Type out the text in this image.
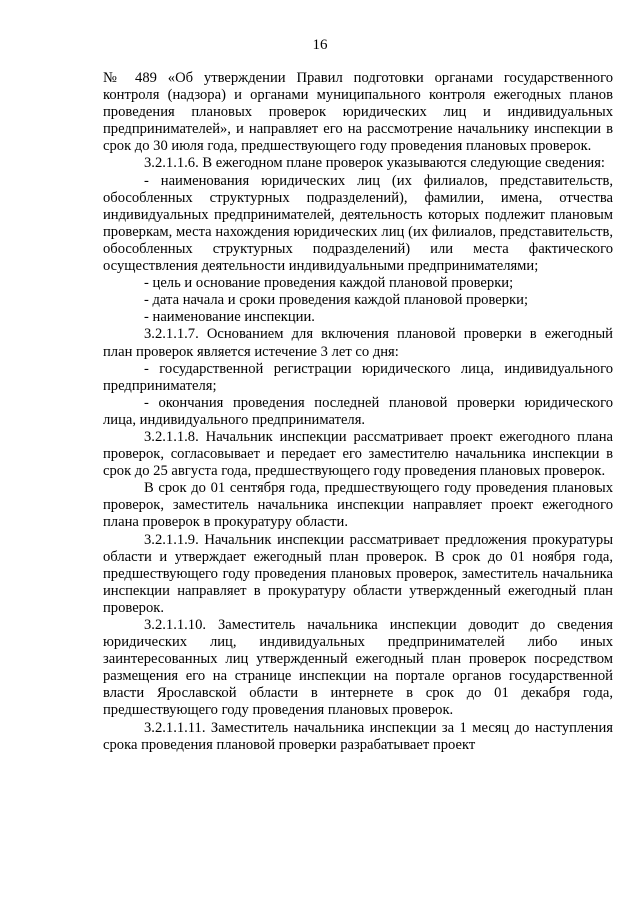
16

№ 489 «Об утверждении Правил подготовки органами государственного контроля (надзора) и органами муниципального контроля ежегодных планов проведения плановых проверок юридических лиц и индивидуальных предпринимателей», и направляет его на рассмотрение начальнику инспекции в срок до 30 июля года, предшествующего году проведения плановых проверок.

3.2.1.1.6. В ежегодном плане проверок указываются следующие сведения:

- наименования юридических лиц (их филиалов, представительств, обособленных структурных подразделений), фамилии, имена, отчества индивидуальных предпринимателей, деятельность которых подлежит плановым проверкам, места нахождения юридических лиц (их филиалов, представительств, обособленных структурных подразделений) или места фактического осуществления деятельности индивидуальными предпринимателями;

- цель и основание проведения каждой плановой проверки;

- дата начала и сроки проведения каждой плановой проверки;

- наименование инспекции.

3.2.1.1.7. Основанием для включения плановой проверки в ежегодный план проверок является истечение 3 лет со дня:

- государственной регистрации юридического лица, индивидуального предпринимателя;

- окончания проведения последней плановой проверки юридического лица, индивидуального предпринимателя.

3.2.1.1.8. Начальник инспекции рассматривает проект ежегодного плана проверок, согласовывает и передает его заместителю начальника инспекции в срок до 25 августа года, предшествующего году проведения плановых проверок.

В срок до 01 сентября года, предшествующего году проведения плановых проверок, заместитель начальника инспекции направляет проект ежегодного плана проверок в прокуратуру области.

3.2.1.1.9. Начальник инспекции рассматривает предложения прокуратуры области и утверждает ежегодный план проверок. В срок до 01 ноября года, предшествующего году проведения плановых проверок, заместитель начальника инспекции направляет в прокуратуру области утвержденный ежегодный план проверок.

3.2.1.1.10. Заместитель начальника инспекции доводит до сведения юридических лиц, индивидуальных предпринимателей либо иных заинтересованных лиц утвержденный ежегодный план проверок посредством размещения его на странице инспекции на портале органов государственной власти Ярославской области в интернете в срок до 01 декабря года, предшествующего году проведения плановых проверок.

3.2.1.1.11. Заместитель начальника инспекции за 1 месяц до наступления срока проведения плановой проверки разрабатывает проект
